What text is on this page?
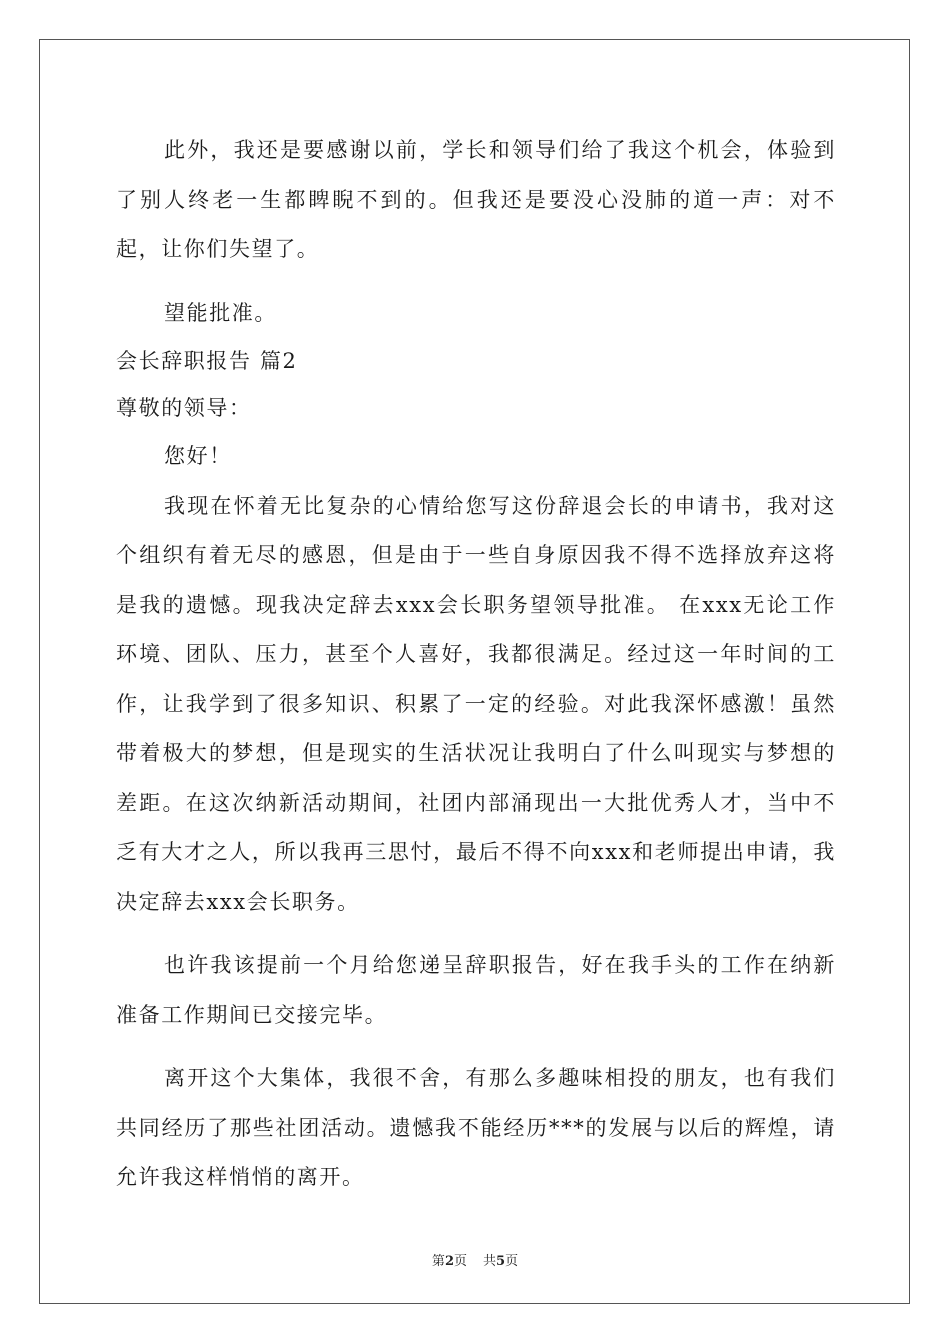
此外，我还是要感谢以前，学长和领导们给了我这个机会，体验到了别人终老一生都睥睨不到的。但我还是要没心没肺的道一声：对不起，让你们失望了。

望能批准。

会长辞职报告 篇2

尊敬的领导：

您好！

我现在怀着无比复杂的心情给您写这份辞退会长的申请书，我对这个组织有着无尽的感恩，但是由于一些自身原因我不得不选择放弃这将是我的遗憾。现我决定辞去xxx会长职务望领导批准。 在xxx无论工作环境、团队、压力，甚至个人喜好，我都很满足。经过这一年时间的工作，让我学到了很多知识、积累了一定的经验。对此我深怀感激！虽然带着极大的梦想，但是现实的生活状况让我明白了什么叫现实与梦想的差距。在这次纳新活动期间，社团内部涌现出一大批优秀人才，当中不乏有大才之人，所以我再三思忖，最后不得不向xxx和老师提出申请，我决定辞去xxx会长职务。

也许我该提前一个月给您递呈辞职报告，好在我手头的工作在纳新准备工作期间已交接完毕。

离开这个大集体，我很不舍，有那么多趣味相投的朋友，也有我们共同经历了那些社团活动。遗憾我不能经历***的发展与以后的辉煌，请允许我这样悄悄的离开。

第2页 共5页
